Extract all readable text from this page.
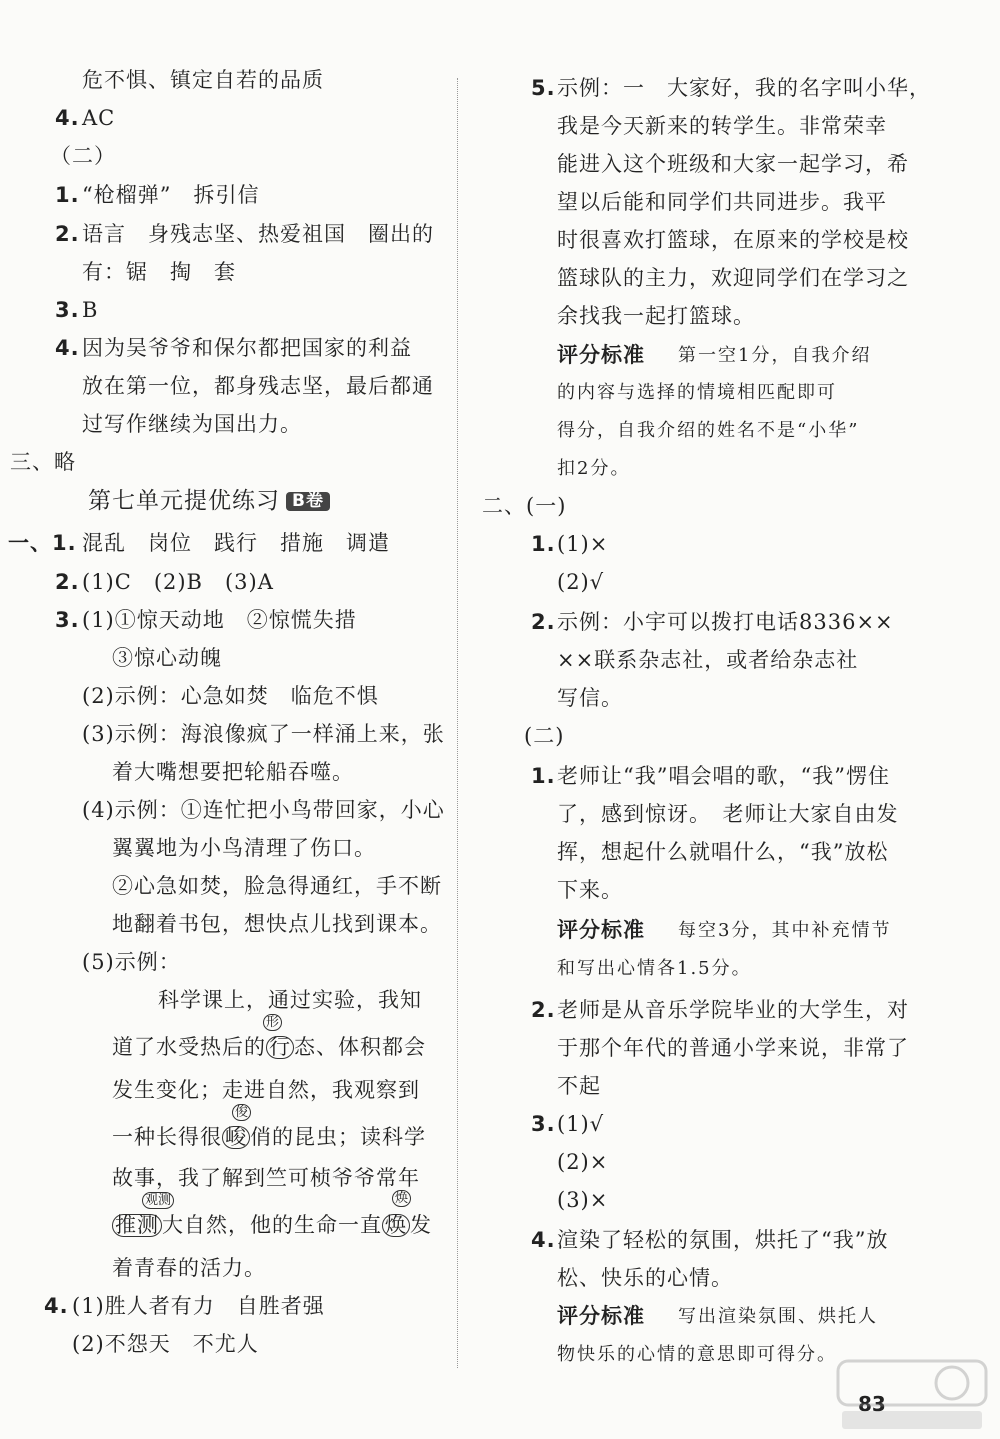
危不惧、镇定自若的品质
4. AC
（二）
1. “枪榴弹”　拆引信
2. 语言　身残志坚、热爱祖国　圈出的
有：锯　掏　套
3. B
4. 因为吴爷爷和保尔都把国家的利益
放在第一位，都身残志坚，最后都通
过写作继续为国出力。
三、略
第七单元提优练习 B卷
一、1. 混乱　岗位　践行　措施　调遣
2. (1)C　(2)B　(3)A
3. (1)①惊天动地　②惊慌失措
③惊心动魄
(2)示例：心急如焚　临危不惧
(3)示例：海浪像疯了一样涌上来，张
着大嘴想要把轮船吞噬。
(4)示例：①连忙把小鸟带回家，小心
翼翼地为小鸟清理了伤口。
②心急如焚，脸急得通红，手不断
地翻着书包，想快点儿找到课本。
(5)示例：
科学课上，通过实验，我知
道了水受热后的 行 态、体积都会
形
发生变化；走进自然，我观察到
一种长得很 峻 俏的昆虫；读科学
俊
故事，我了解到竺可桢爷爷常年
推测 大自然，他的生命一直 焕 发
观测	焕
着青春的活力。
4. (1)胜人者有力　自胜者强
(2)不怨天　不尤人
5. 示例：一　大家好，我的名字叫小华，
我是今天新来的转学生。非常荣幸
能进入这个班级和大家一起学习，希
望以后能和同学们共同进步。我平
时很喜欢打篮球，在原来的学校是校
篮球队的主力，欢迎同学们在学习之
余找我一起打篮球。
评分标准 第一空1分，自我介绍
的内容与选择的情境相匹配即可
得分，自我介绍的姓名不是“小华”
扣2分。
二、(一)
1. (1)×
(2)√
2. 示例：小宇可以拨打电话8336××
××联系杂志社，或者给杂志社
写信。
(二)
1. 老师让“我”唱会唱的歌，“我”愣住
了，感到惊讶。　老师让大家自由发
挥，想起什么就唱什么，“我”放松
下来。
评分标准 每空3分，其中补充情节
和写出心情各1.5分。
2. 老师是从音乐学院毕业的大学生，对
于那个年代的普通小学来说，非常了
不起
3. (1)√
(2)×
(3)×
4. 渲染了轻松的氛围，烘托了“我”放
松、快乐的心情。
评分标准 写出渲染氛围、烘托人
物快乐的心情的意思即可得分。
83
